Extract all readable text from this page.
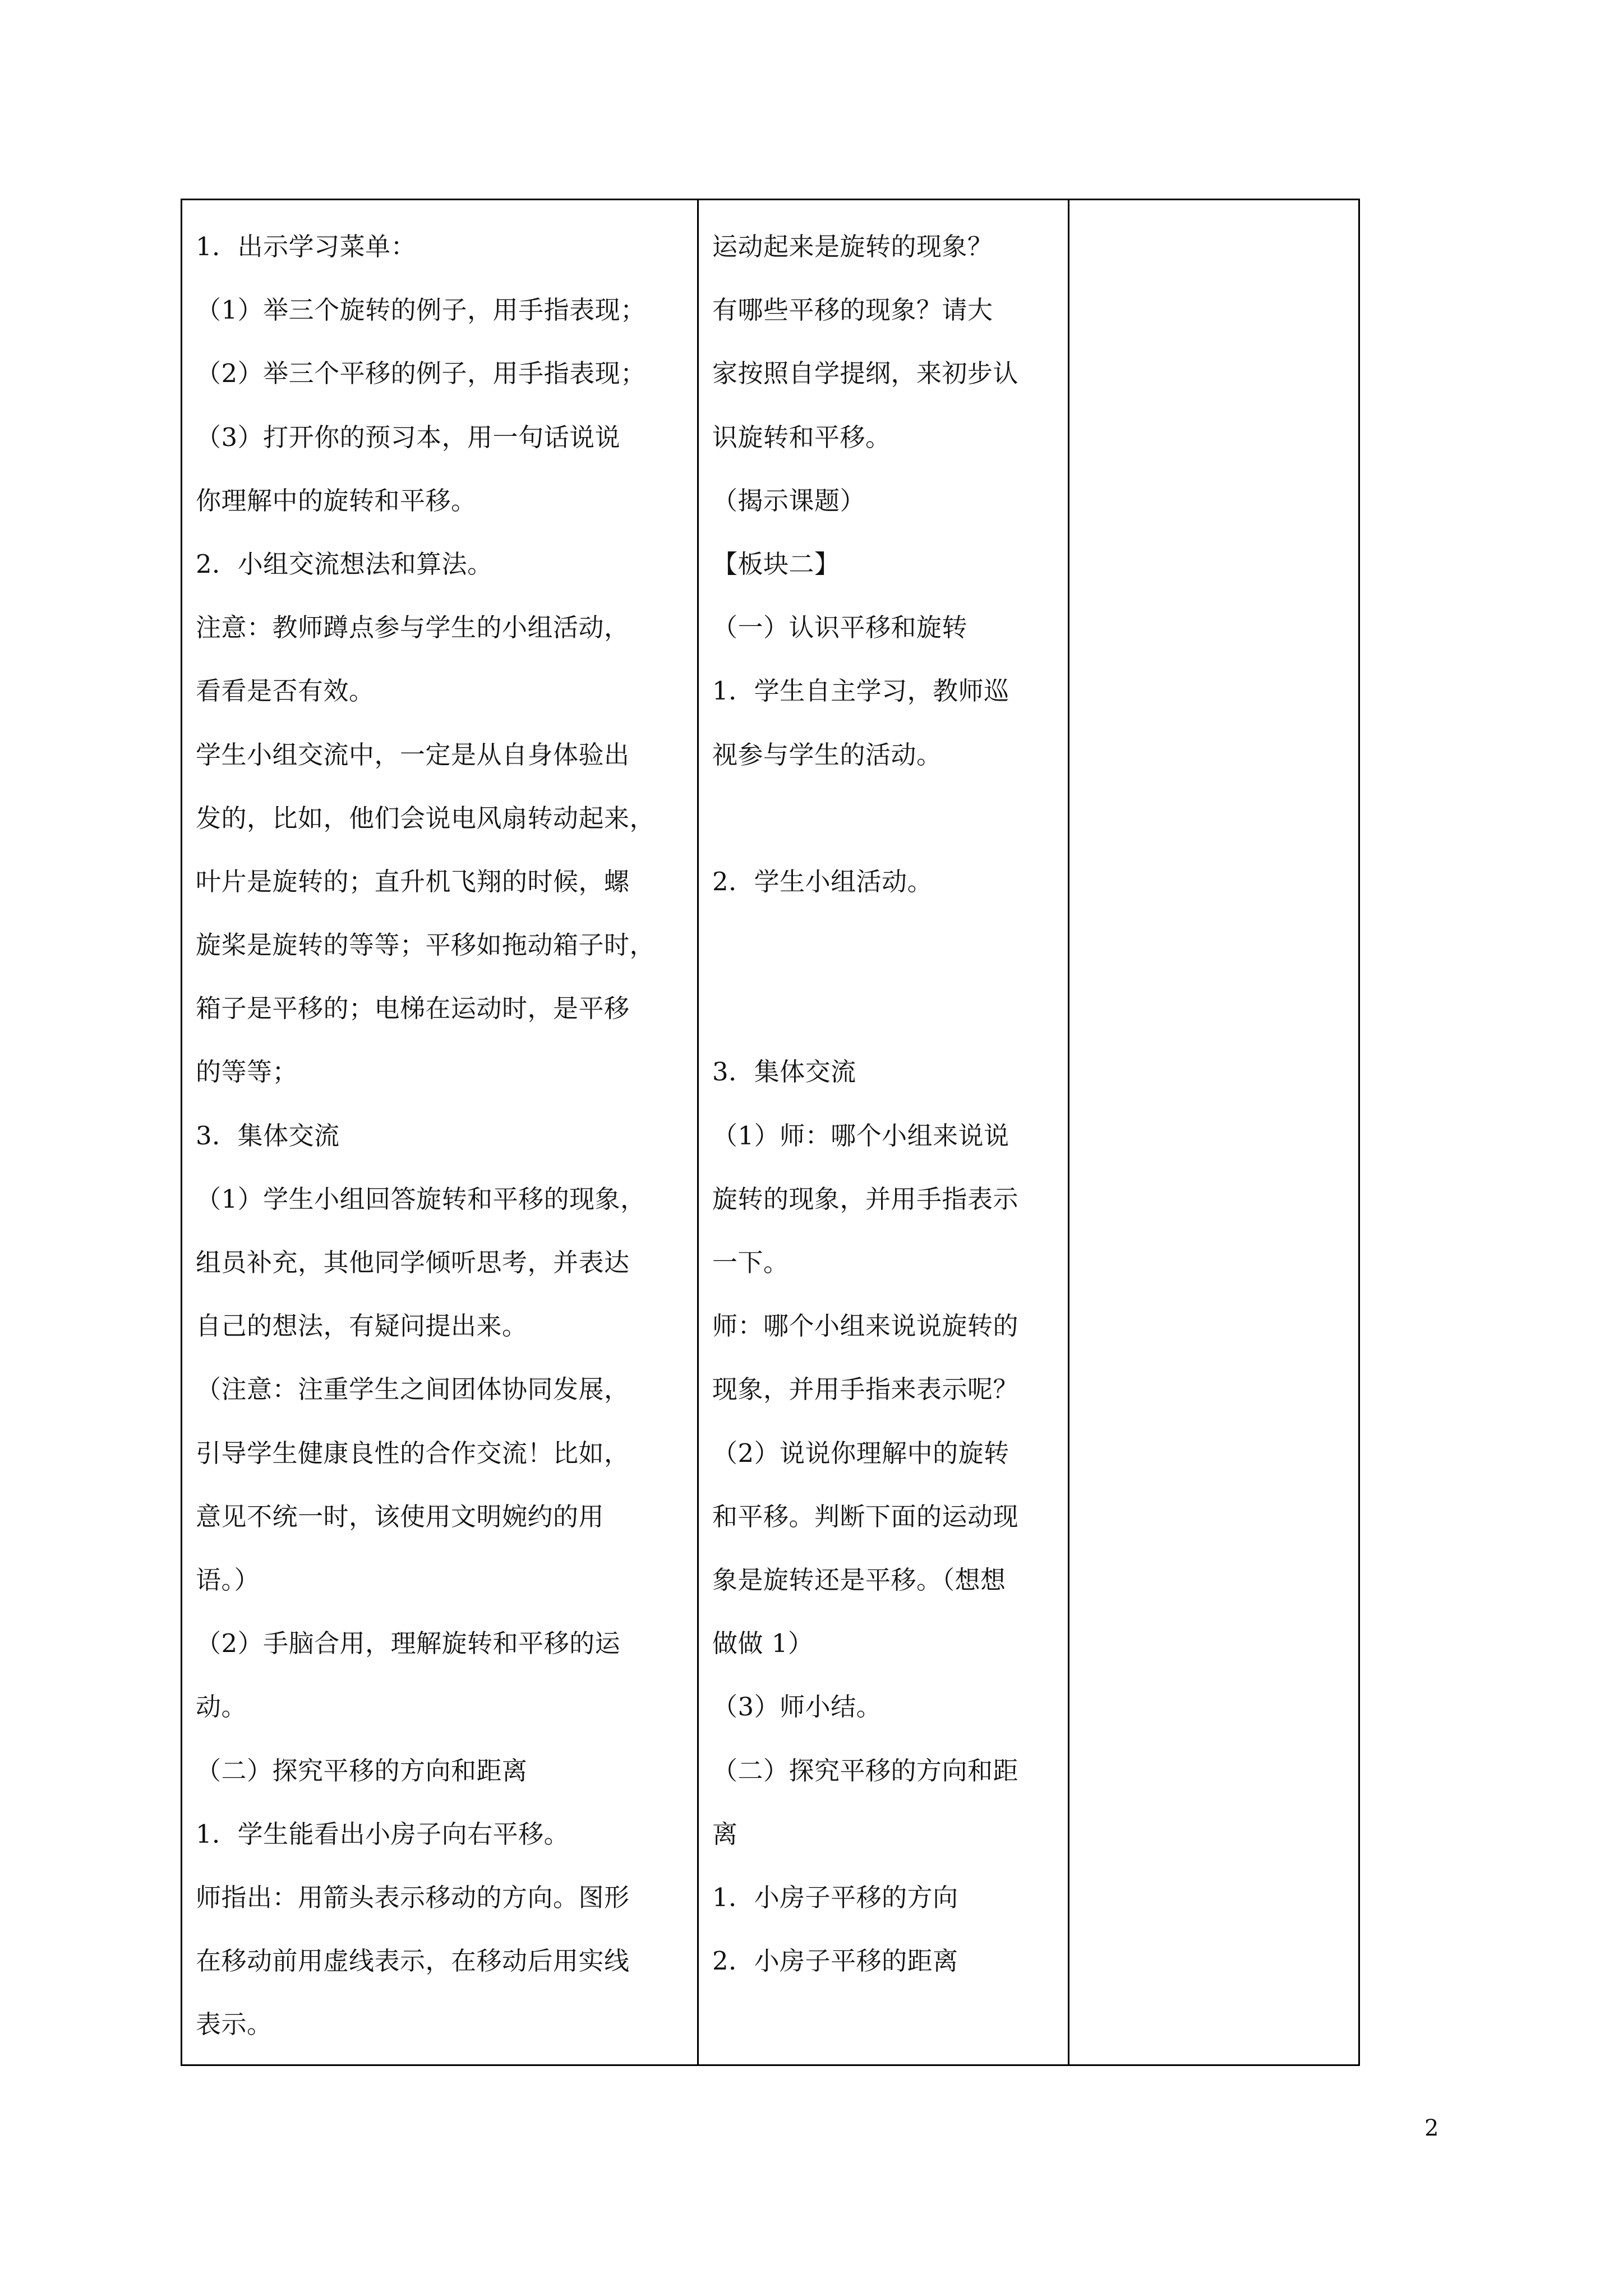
1．出示学习菜单：
（1）举三个旋转的例子，用手指表现；
（2）举三个平移的例子，用手指表现；
（3）打开你的预习本，用一句话说说
你理解中的旋转和平移。
2．小组交流想法和算法。
注意：教师蹲点参与学生的小组活动，
看看是否有效。
学生小组交流中，一定是从自身体验出
发的，比如，他们会说电风扇转动起来，
叶片是旋转的；直升机飞翔的时候，螺
旋桨是旋转的等等；平移如拖动箱子时，
箱子是平移的；电梯在运动时，是平移
的等等；
3．集体交流
（1）学生小组回答旋转和平移的现象，
组员补充，其他同学倾听思考，并表达
自己的想法，有疑问提出来。
（注意：注重学生之间团体协同发展，
引导学生健康良性的合作交流！比如，
意见不统一时，该使用文明婉约的用
语。）
（2）手脑合用，理解旋转和平移的运
动。
（二）探究平移的方向和距离
1．学生能看出小房子向右平移。
师指出：用箭头表示移动的方向。图形
在移动前用虚线表示，在移动后用实线
表示。
运动起来是旋转的现象？
有哪些平移的现象？请大
家按照自学提纲，来初步认
识旋转和平移。
（揭示课题）
【板块二】
（一）认识平移和旋转
1．学生自主学习，教师巡
视参与学生的活动。
2．学生小组活动。
3．集体交流
（1）师：哪个小组来说说
旋转的现象，并用手指表示
一下。
师：哪个小组来说说旋转的
现象，并用手指来表示呢？
（2）说说你理解中的旋转
和平移。判断下面的运动现
象是旋转还是平移。（想想
做做 1）
（3）师小结。
（二）探究平移的方向和距
离
1．小房子平移的方向
2．小房子平移的距离
2
